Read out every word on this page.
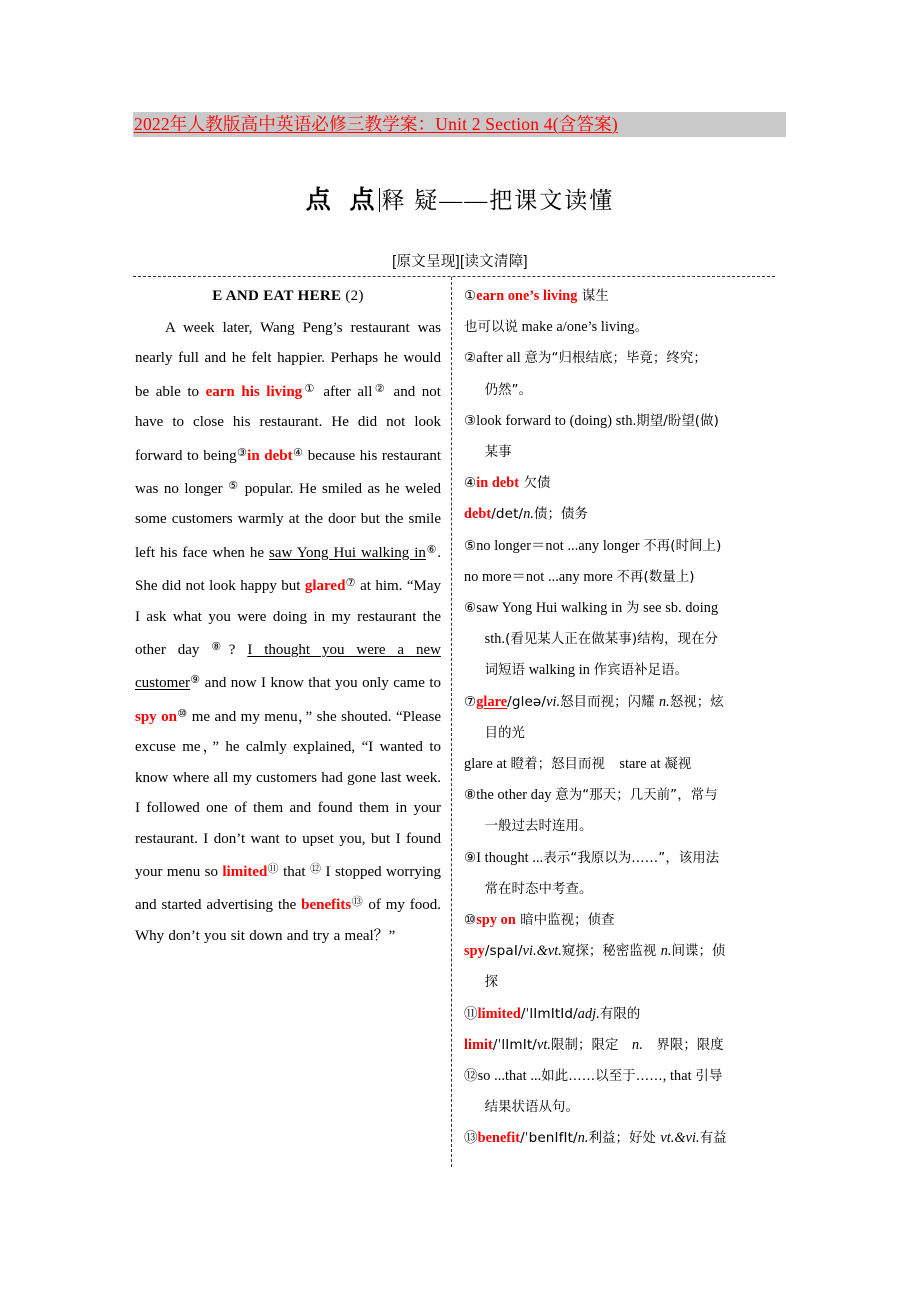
2022年人教版高中英语必修三教学案：Unit 2 Section 4(含答案)
点 点释 疑——把课文读懂
[原文呈现][读文清障]
E AND EAT HERE (2)
A week later, Wang Peng’s restaurant was nearly full and he felt happier. Perhaps he would be able to earn his living① after all② and not have to close his restaurant. He did not look forward to being③in debt④ because his restaurant was no longer ⑤ popular. He smiled as he weled some customers warmly at the door but the smile left his face when he saw Yong Hui walking in⑥. She did not look happy but glared⑦ at him. “May I ask what you were doing in my restaurant the other day ⑧? I thought you were a new customer⑨ and now I know that you only came to spy on⑩ me and my menu，” she shouted. “Please excuse me，” he calmly explained, “I wanted to know where all my customers had gone last week. I followed one of them and found them in your restaurant. I don’t want to upset you, but I found your menu so limited⑪ that ⑫ I stopped worrying and started advertising the benefits⑬ of my food. Why don’t you sit down and try a meal？”
①earn one’s living 谋生
也可以说 make a/one’s living。
②after all 意为“归根结底；毕竟；终究；
仍然”。
③look forward to (doing) sth.期望/盼望(做)
某事
④in debt 欠债
debt/det/n.债；债务
⑤no longer＝not ...any longer 不再(时间上)
no more＝not ...any more 不再(数量上)
⑥saw Yong Hui walking in 为 see sb. doing
sth.(看见某人正在做某事)结构，现在分
词短语 walking in 作宾语补足语。
⑦glare/gleə/vi.怒目而视；闪耀 n.怒视；炫
目的光
glare at 瞪着；怒目而视　stare at 凝视
⑧the other day 意为“那天；几天前”，常与
一般过去时连用。
⑨I thought ...表示“我原以为……”，该用法
常在时态中考查。
⑩spy on 暗中监视；侦查
spy/spaI/vi.&vt.窥探；秘密监视 n.间谍；侦
探
⑪limited/ˈlImItId/adj.有限的
limit/ˈlImIt/vt.限制；限定　n.　界限；限度
⑫so ...that ...如此……以至于……, that 引导
结果状语从句。
⑬benefit/ˈbenIfIt/n.利益；好处 vt.&vi.有益
